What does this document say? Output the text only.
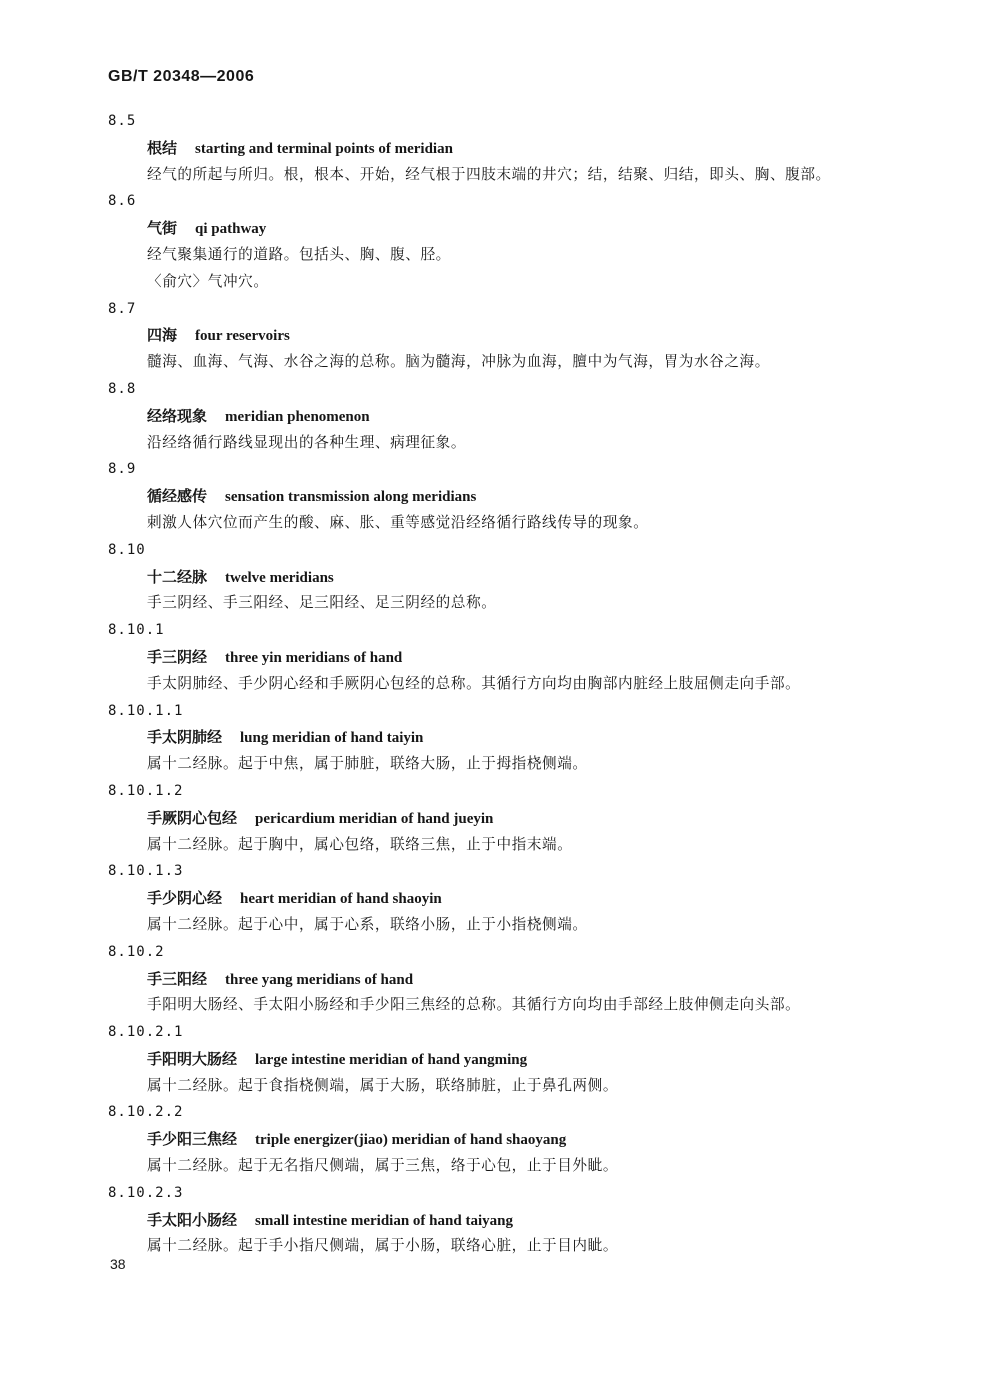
GB/T 20348—2006
8.5
根结 starting and terminal points of meridian
经气的所起与所归。根，根本、开始，经气根于四肢末端的井穴；结，结聚、归结，即头、胸、腹部。
8.6
气街 qi pathway
经气聚集通行的道路。包括头、胸、腹、胫。
〈俞穴〉气冲穴。
8.7
四海 four reservoirs
髓海、血海、气海、水谷之海的总称。脑为髓海，冲脉为血海，膻中为气海，胃为水谷之海。
8.8
经络现象 meridian phenomenon
沿经络循行路线显现出的各种生理、病理征象。
8.9
循经感传 sensation transmission along meridians
刺激人体穴位而产生的酸、麻、胀、重等感觉沿经络循行路线传导的现象。
8.10
十二经脉 twelve meridians
手三阴经、手三阳经、足三阳经、足三阴经的总称。
8.10.1
手三阴经 three yin meridians of hand
手太阴肺经、手少阴心经和手厥阴心包经的总称。其循行方向均由胸部内脏经上肢屈侧走向手部。
8.10.1.1
手太阴肺经 lung meridian of hand taiyin
属十二经脉。起于中焦，属于肺脏，联络大肠，止于拇指桡侧端。
8.10.1.2
手厥阴心包经 pericardium meridian of hand jueyin
属十二经脉。起于胸中，属心包络，联络三焦，止于中指末端。
8.10.1.3
手少阴心经 heart meridian of hand shaoyin
属十二经脉。起于心中，属于心系，联络小肠，止于小指桡侧端。
8.10.2
手三阳经 three yang meridians of hand
手阳明大肠经、手太阳小肠经和手少阳三焦经的总称。其循行方向均由手部经上肢伸侧走向头部。
8.10.2.1
手阳明大肠经 large intestine meridian of hand yangming
属十二经脉。起于食指桡侧端，属于大肠，联络肺脏，止于鼻孔两侧。
8.10.2.2
手少阳三焦经 triple energizer(jiao) meridian of hand shaoyang
属十二经脉。起于无名指尺侧端，属于三焦，络于心包，止于目外眦。
8.10.2.3
手太阳小肠经 small intestine meridian of hand taiyang
属十二经脉。起于手小指尺侧端，属于小肠，联络心脏，止于目内眦。
38
